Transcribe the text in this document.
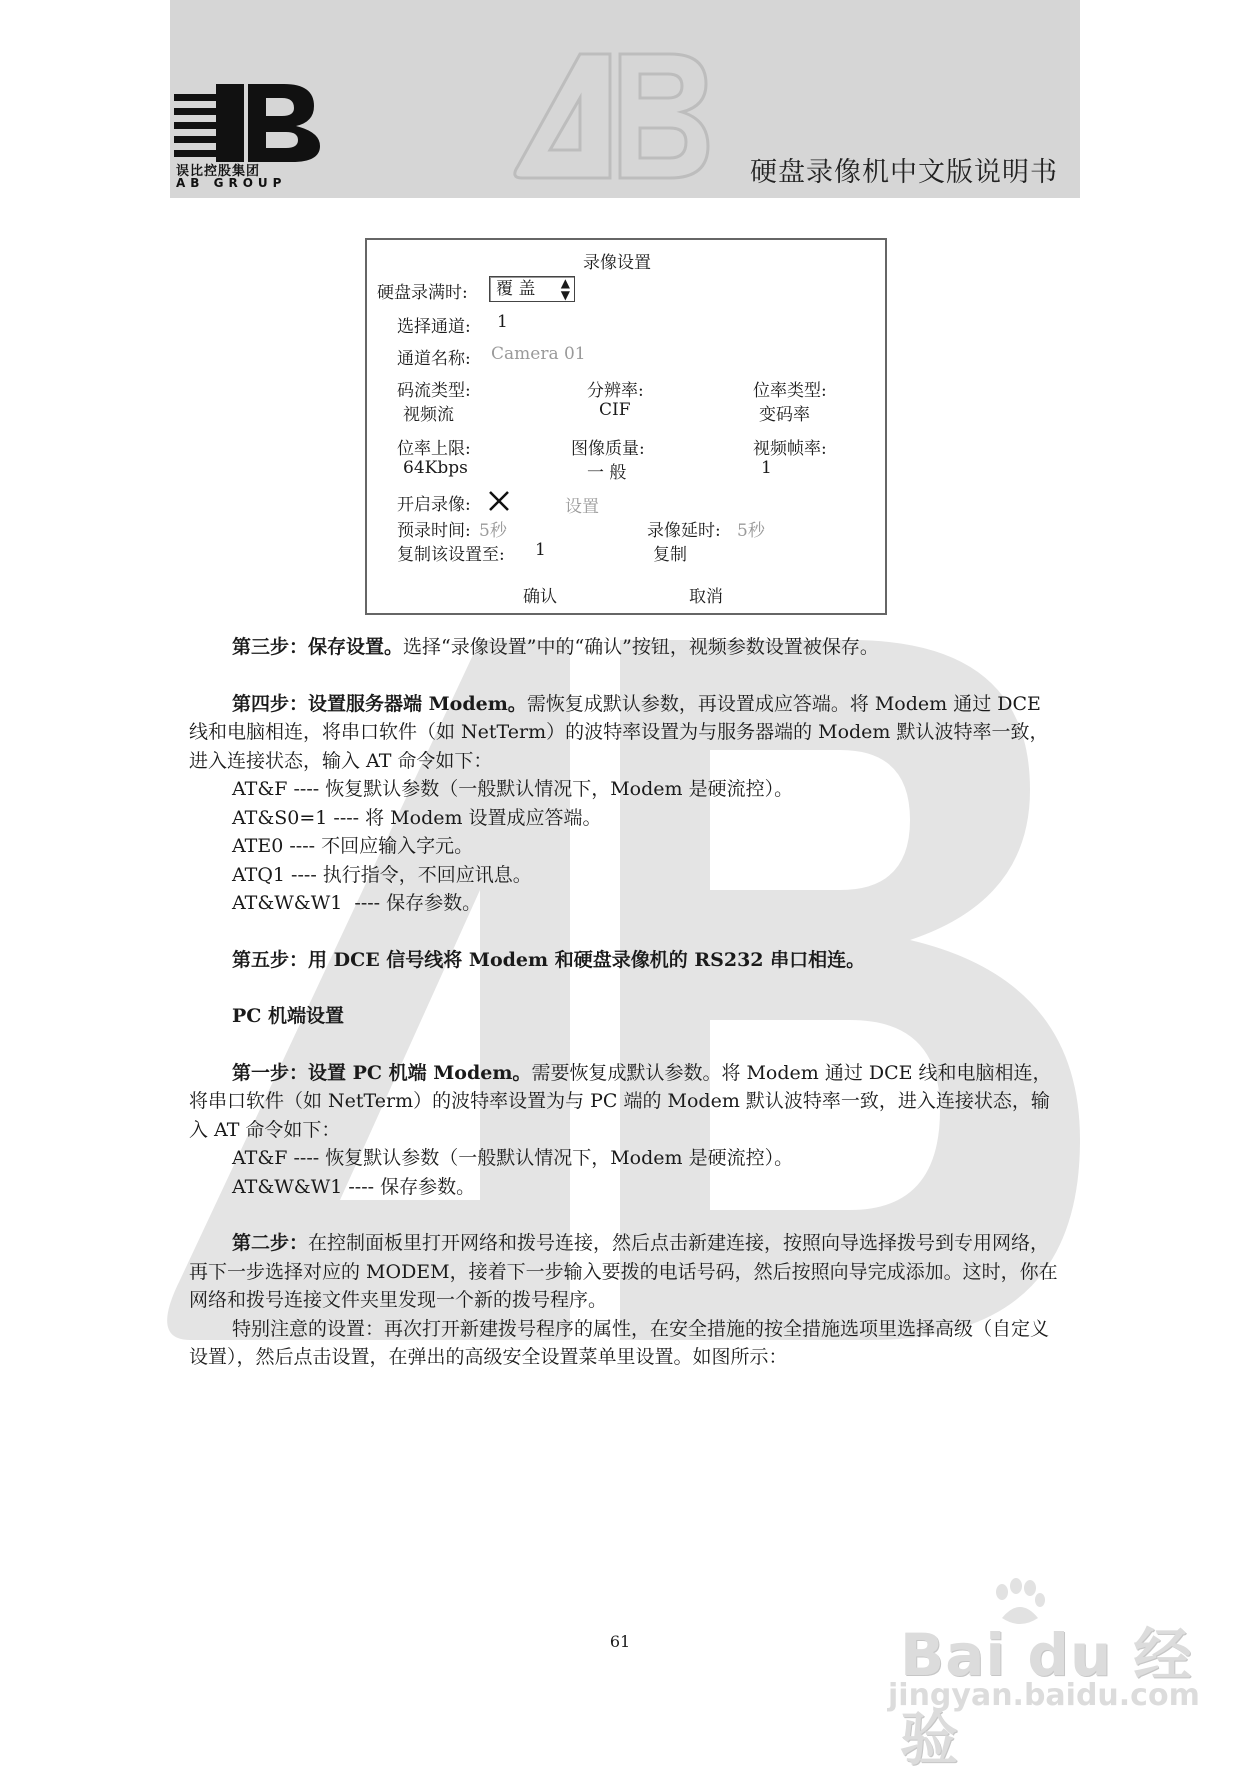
误比控股集团
AB GROUP	硬盘录像机中文版说明书
录像设置
硬盘录满时:	覆 盖 ▲
▼
选择通道: 1
通道名称: Camera 01
码流类型:
视频流
分辨率:
CIF
位率类型:
变码率
位率上限:
64Kbps
图像质量:
一 般
视频帧率:
1
开启录像:	设置
预录时间: 5秒	录像延时: 5秒
复制该设置至: 1	复制
确认	取消

第三步：保存设置。选择“录像设置”中的“确认”按钮，视频参数设置被保存。

第四步：设置服务器端 Modem。需恢复成默认参数，再设置成应答端。将 Modem 通过 DCE 线和电脑相连，将串口软件（如 NetTerm）的波特率设置为与服务器端的 Modem 默认波特率一致，进入连接状态，输入 AT 命令如下：

AT&F ---- 恢复默认参数（一般默认情况下，Modem 是硬流控）。

AT&S0=1 ---- 将 Modem 设置成应答端。

ATE0 ---- 不回应输入字元。

ATQ1 ---- 执行指令，不回应讯息。

AT&W&W1  ---- 保存参数。

第五步：用 DCE 信号线将 Modem 和硬盘录像机的 RS232 串口相连。

PC 机端设置

第一步：设置 PC 机端 Modem。需要恢复成默认参数。将 Modem 通过 DCE 线和电脑相连，将串口软件（如 NetTerm）的波特率设置为与 PC 端的 Modem 默认波特率一致，进入连接状态，输入 AT 命令如下：

AT&F ---- 恢复默认参数（一般默认情况下，Modem 是硬流控）。

AT&W&W1 ---- 保存参数。

第二步：在控制面板里打开网络和拨号连接，然后点击新建连接，按照向导选择拨号到专用网络，再下一步选择对应的 MODEM，接着下一步输入要拨的电话号码，然后按照向导完成添加。这时，你在网络和拨号连接文件夹里发现一个新的拨号程序。

特别注意的设置：再次打开新建拨号程序的属性，在安全措施的按全措施选项里选择高级（自定义设置），然后点击设置，在弹出的高级安全设置菜单里设置。如图所示：

61	Bai du 经验
jingyan.baidu.com
